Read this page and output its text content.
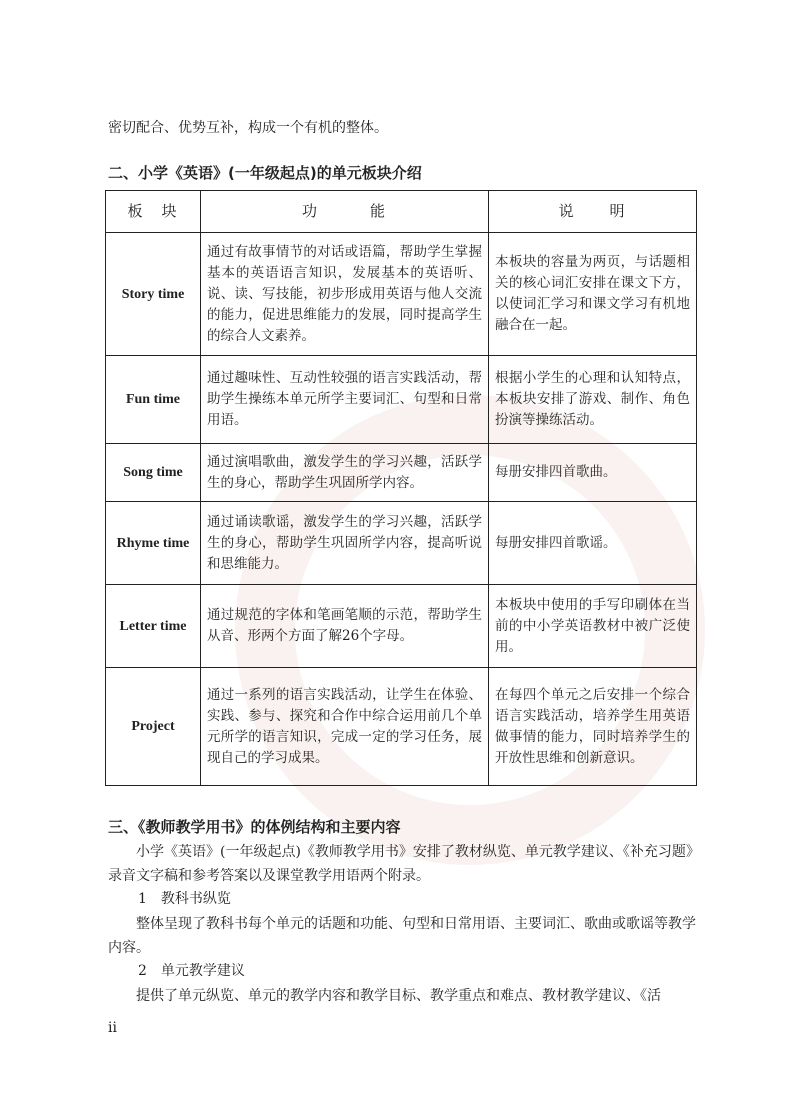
密切配合、优势互补，构成一个有机的整体。
二、小学《英语》(一年级起点)的单元板块介绍
板　块	功　　　能	说　　明
Story time	通过有故事情节的对话或语篇，帮助学生掌握基本的英语语言知识，发展基本的英语听、说、读、写技能，初步形成用英语与他人交流的能力，促进思维能力的发展，同时提高学生的综合人文素养。	本板块的容量为两页，与话题相关的核心词汇安排在课文下方，以使词汇学习和课文学习有机地融合在一起。
Fun time	通过趣味性、互动性较强的语言实践活动，帮助学生操练本单元所学主要词汇、句型和日常用语。	根据小学生的心理和认知特点，本板块安排了游戏、制作、角色扮演等操练活动。
Song time	通过演唱歌曲，激发学生的学习兴趣，活跃学生的身心，帮助学生巩固所学内容。	每册安排四首歌曲。
Rhyme time	通过诵读歌谣，激发学生的学习兴趣，活跃学生的身心，帮助学生巩固所学内容，提高听说和思维能力。	每册安排四首歌谣。
Letter time	通过规范的字体和笔画笔顺的示范，帮助学生从音、形两个方面了解26个字母。	本板块中使用的手写印刷体在当前的中小学英语教材中被广泛使用。
Project	通过一系列的语言实践活动，让学生在体验、实践、参与、探究和合作中综合运用前几个单元所学的语言知识，完成一定的学习任务，展现自己的学习成果。	在每四个单元之后安排一个综合语言实践活动，培养学生用英语做事情的能力，同时培养学生的开放性思维和创新意识。
三、《教师教学用书》的体例结构和主要内容
小学《英语》(一年级起点)《教师教学用书》安排了教材纵览、单元教学建议、《补充习题》录音文字稿和参考答案以及课堂教学用语两个附录。
1　教科书纵览
整体呈现了教科书每个单元的话题和功能、句型和日常用语、主要词汇、歌曲或歌谣等教学内容。
2　单元教学建议
提供了单元纵览、单元的教学内容和教学目标、教学重点和难点、教材教学建议、《活
ii
